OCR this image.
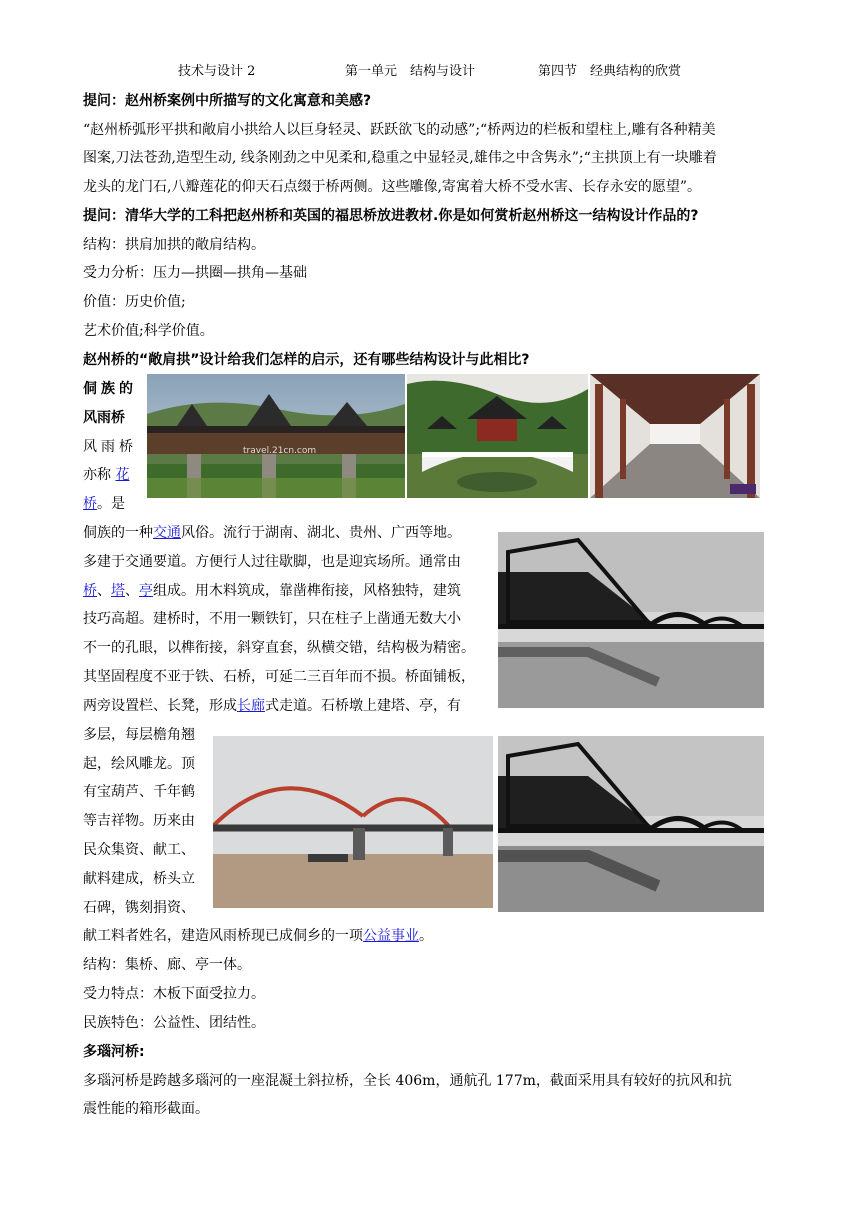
技术与设计 2	第一单元　结构与设计	第四节　经典结构的欣赏
提问：赵州桥案例中所描写的文化寓意和美感?
“赵州桥弧形平拱和敞肩小拱给人以巨身轻灵、跃跃欲飞的动感”;“桥两边的栏板和望柱上,雕有各种精美
图案,刀法苍劲,造型生动, 线条刚劲之中见柔和,稳重之中显轻灵,雄伟之中含隽永”;“主拱顶上有一块雕着
龙头的龙门石,八瓣莲花的仰天石点缀于桥两侧。这些雕像,寄寓着大桥不受水害、长存永安的愿望”。
提问：清华大学的工科把赵州桥和英国的福思桥放进教材.你是如何赏析赵州桥这一结构设计作品的?
结构：拱肩加拱的敞肩结构。
受力分析：压力—拱圈—拱角—基础
价值：历史价值;
艺术价值;科学价值。
赵州桥的“敞肩拱”设计给我们怎样的启示，还有哪些结构设计与此相比?
侗 族 的
风雨桥
风 雨 桥
亦称 花
桥。是
travel.21cn.com
侗族的一种交通风俗。流行于湖南、湖北、贵州、广西等地。
多建于交通要道。方便行人过往歇脚，也是迎宾场所。通常由
桥、塔、亭组成。用木料筑成，靠凿榫衔接，风格独特，建筑
技巧高超。建桥时，不用一颗铁钉，只在柱子上凿通无数大小
不一的孔眼，以榫衔接，斜穿直套，纵横交错，结构极为精密。
其坚固程度不亚于铁、石桥，可延二三百年而不损。桥面铺板，
两旁设置栏、长凳，形成长廊式走道。石桥墩上建塔、亭，有
多层，每层檐角翘
起，绘风雕龙。顶
有宝葫芦、千年鹤
等吉祥物。历来由
民众集资、献工、
献料建成，桥头立
石碑，镌刻捐资、
献工料者姓名，建造风雨桥现已成侗乡的一项公益事业。
结构：集桥、廊、亭一体。
受力特点：木板下面受拉力。
民族特色：公益性、团结性。
多瑙河桥:
多瑙河桥是跨越多瑙河的一座混凝土斜拉桥，全长 406m，通航孔 177m，截面采用具有较好的抗风和抗
震性能的箱形截面。
